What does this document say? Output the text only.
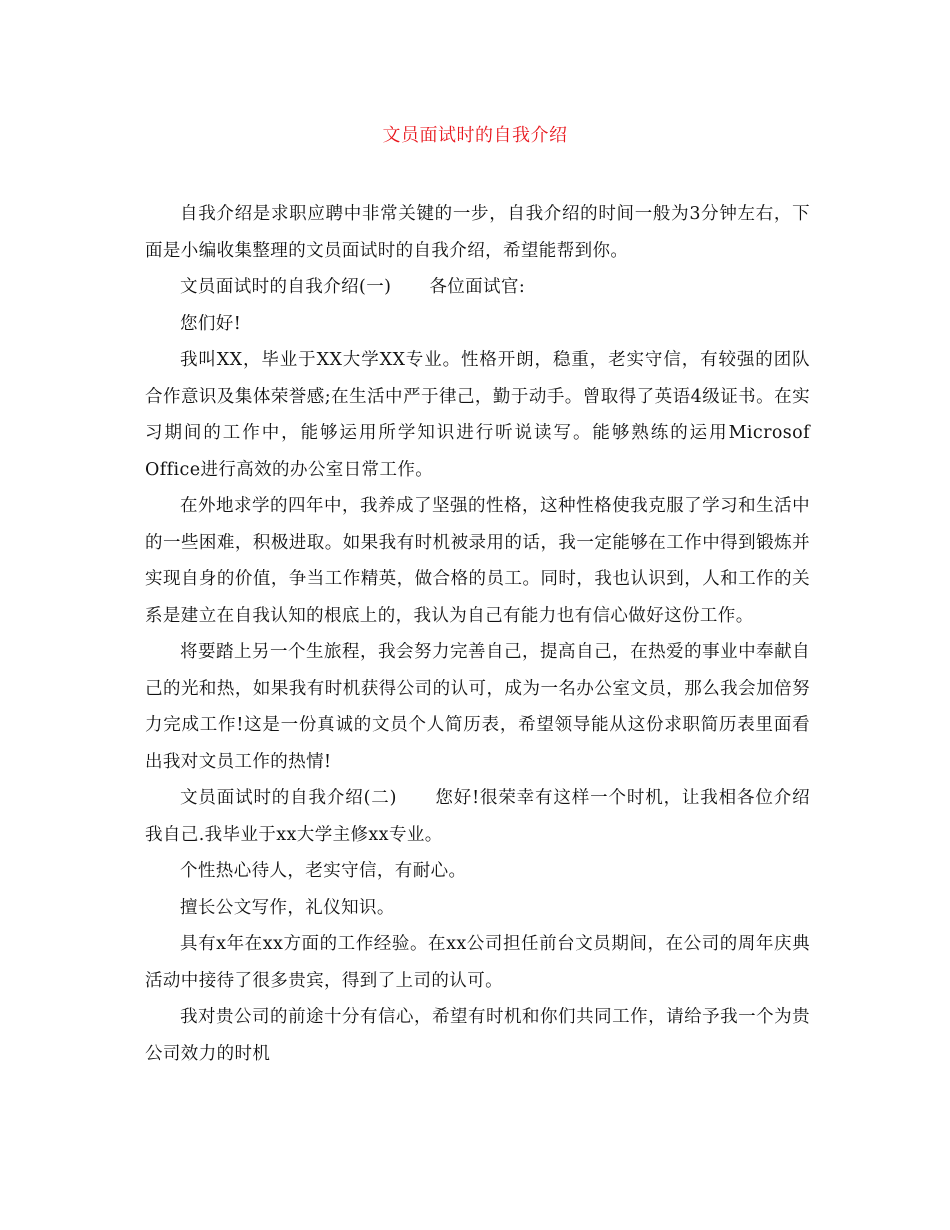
文员面试时的自我介绍

自我介绍是求职应聘中非常关键的一步，自我介绍的时间一般为3分钟左右，下面是小编收集整理的文员面试时的自我介绍，希望能帮到你。

文员面试时的自我介绍(一) 各位面试官:

您们好!

我叫XX，毕业于XX大学XX专业。性格开朗，稳重，老实守信，有较强的团队合作意识及集体荣誉感;在生活中严于律己，勤于动手。曾取得了英语4级证书。在实习期间的工作中，能够运用所学知识进行听说读写。能够熟练的运用Microsof Office进行高效的办公室日常工作。

在外地求学的四年中，我养成了坚强的性格，这种性格使我克服了学习和生活中的一些困难，积极进取。如果我有时机被录用的话，我一定能够在工作中得到锻炼并实现自身的价值，争当工作精英，做合格的员工。同时，我也认识到，人和工作的关系是建立在自我认知的根底上的，我认为自己有能力也有信心做好这份工作。

将要踏上另一个生旅程，我会努力完善自己，提高自己，在热爱的事业中奉献自己的光和热，如果我有时机获得公司的认可，成为一名办公室文员，那么我会加倍努力完成工作!这是一份真诚的文员个人简历表，希望领导能从这份求职简历表里面看出我对文员工作的热情!

文员面试时的自我介绍(二) 您好!很荣幸有这样一个时机，让我相各位介绍我自己.我毕业于xx大学主修xx专业。

个性热心待人，老实守信，有耐心。

擅长公文写作，礼仪知识。

具有x年在xx方面的工作经验。在xx公司担任前台文员期间，在公司的周年庆典活动中接待了很多贵宾，得到了上司的认可。

我对贵公司的前途十分有信心，希望有时机和你们共同工作，请给予我一个为贵公司效力的时机
